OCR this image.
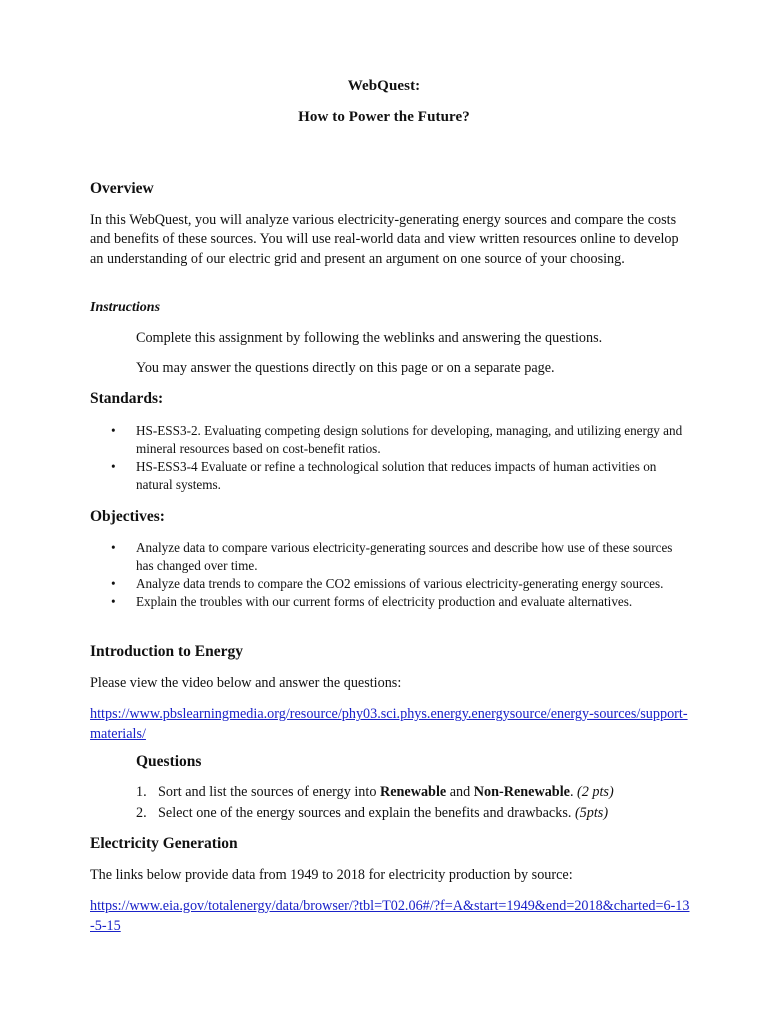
WebQuest:
How to Power the Future?
Overview
In this WebQuest, you will analyze various electricity-generating energy sources and compare the costs and benefits of these sources. You will use real-world data and view written resources online to develop an understanding of our electric grid and present an argument on one source of your choosing.
Instructions
Complete this assignment by following the weblinks and answering the questions.
You may answer the questions directly on this page or on a separate page.
Standards:
• HS-ESS3-2. Evaluating competing design solutions for developing, managing, and utilizing energy and mineral resources based on cost-benefit ratios.
• HS-ESS3-4 Evaluate or refine a technological solution that reduces impacts of human activities on natural systems.
Objectives:
• Analyze data to compare various electricity-generating sources and describe how use of these sources has changed over time.
• Analyze data trends to compare the CO2 emissions of various electricity-generating energy sources.
• Explain the troubles with our current forms of electricity production and evaluate alternatives.
Introduction to Energy
Please view the video below and answer the questions:
https://www.pbslearningmedia.org/resource/phy03.sci.phys.energy.energysource/energy-sources/support-materials/
Questions
1. Sort and list the sources of energy into Renewable and Non-Renewable. (2 pts)
2. Select one of the energy sources and explain the benefits and drawbacks. (5pts)
Electricity Generation
The links below provide data from 1949 to 2018 for electricity production by source:
https://www.eia.gov/totalenergy/data/browser/?tbl=T02.06#/?f=A&start=1949&end=2018&charted=6-13-5-15
